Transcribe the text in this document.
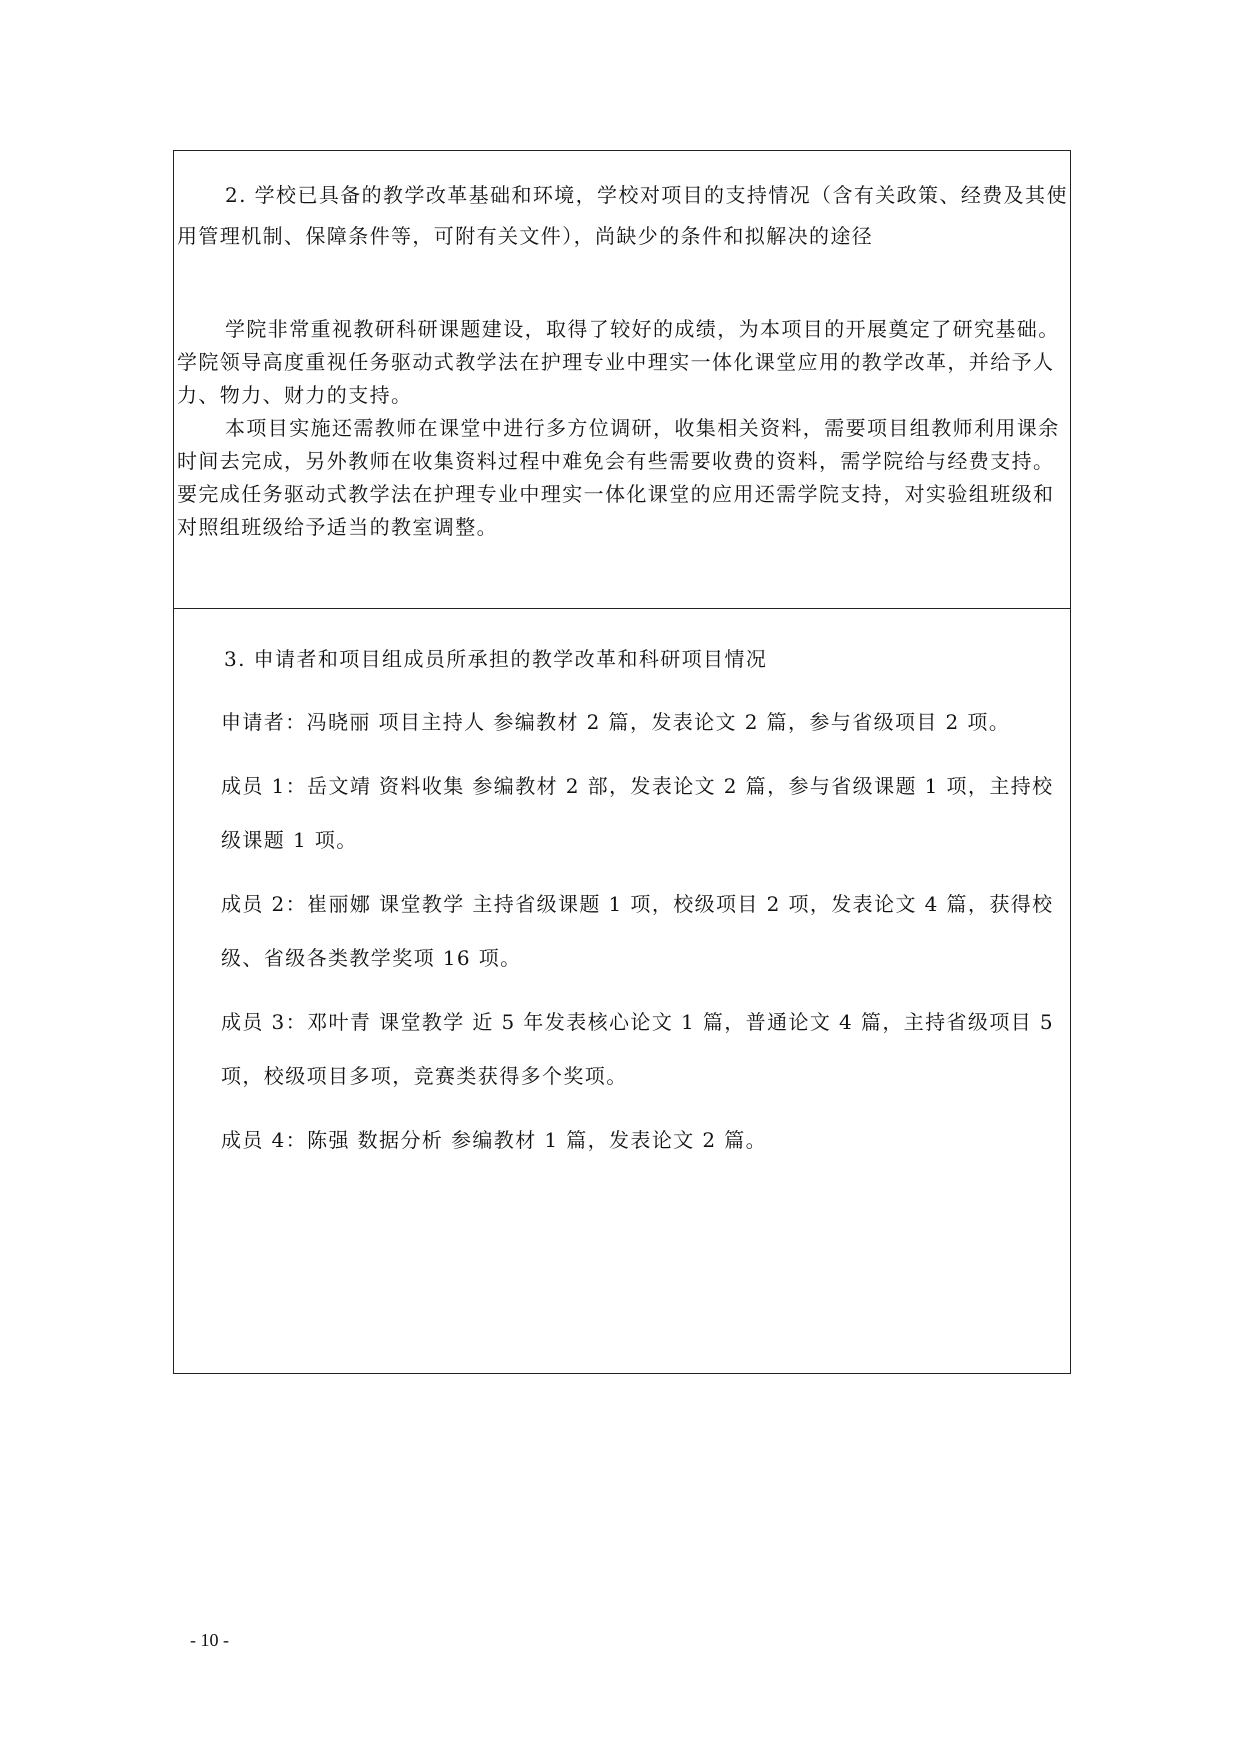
2. 学校已具备的教学改革基础和环境，学校对项目的支持情况（含有关政策、经费及其使用管理机制、保障条件等，可附有关文件），尚缺少的条件和拟解决的途径

学院非常重视教研科研课题建设，取得了较好的成绩，为本项目的开展奠定了研究基础。学院领导高度重视任务驱动式教学法在护理专业中理实一体化课堂应用的教学改革，并给予人力、物力、财力的支持。

本项目实施还需教师在课堂中进行多方位调研，收集相关资料，需要项目组教师利用课余时间去完成，另外教师在收集资料过程中难免会有些需要收费的资料，需学院给与经费支持。要完成任务驱动式教学法在护理专业中理实一体化课堂的应用还需学院支持，对实验组班级和对照组班级给予适当的教室调整。

3. 申请者和项目组成员所承担的教学改革和科研项目情况

申请者：冯晓丽 项目主持人 参编教材 2 篇，发表论文 2 篇，参与省级项目 2 项。

成员 1：岳文靖 资料收集 参编教材 2 部，发表论文 2 篇，参与省级课题 1 项，主持校级课题 1 项。

成员 2：崔丽娜 课堂教学 主持省级课题 1 项，校级项目 2 项，发表论文 4 篇，获得校级、省级各类教学奖项 16 项。

成员 3：邓叶青 课堂教学 近 5 年发表核心论文 1 篇，普通论文 4 篇，主持省级项目 5 项，校级项目多项，竞赛类获得多个奖项。

成员 4：陈强 数据分析 参编教材 1 篇，发表论文 2 篇。

- 10 -
